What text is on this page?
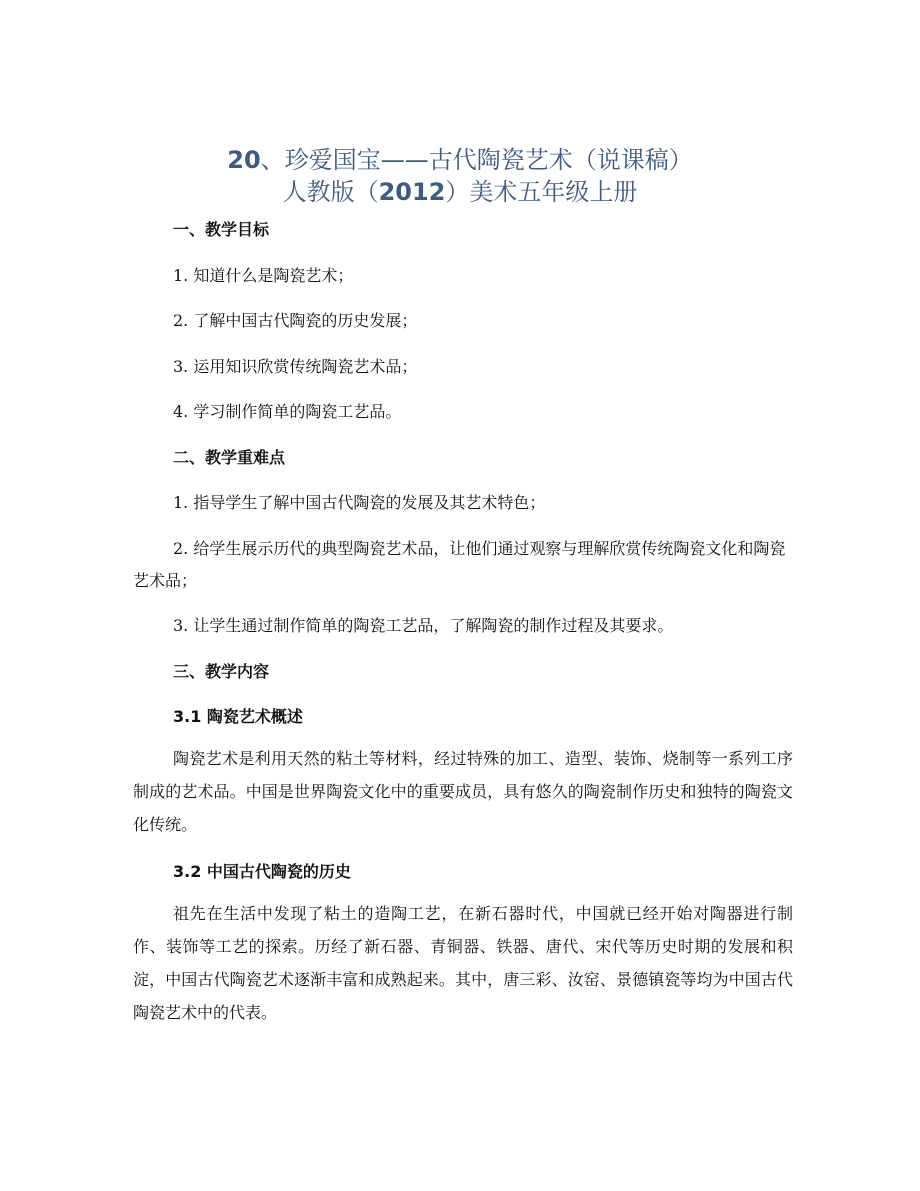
20、珍爱国宝——古代陶瓷艺术（说课稿）
人教版（2012）美术五年级上册
一、教学目标
1. 知道什么是陶瓷艺术；
2. 了解中国古代陶瓷的历史发展；
3. 运用知识欣赏传统陶瓷艺术品；
4. 学习制作简单的陶瓷工艺品。
二、教学重难点
1. 指导学生了解中国古代陶瓷的发展及其艺术特色；
2. 给学生展示历代的典型陶瓷艺术品，让他们通过观察与理解欣赏传统陶瓷文化和陶瓷艺术品；
3. 让学生通过制作简单的陶瓷工艺品，了解陶瓷的制作过程及其要求。
三、教学内容
3.1 陶瓷艺术概述
陶瓷艺术是利用天然的粘土等材料，经过特殊的加工、造型、装饰、烧制等一系列工序制成的艺术品。中国是世界陶瓷文化中的重要成员，具有悠久的陶瓷制作历史和独特的陶瓷文化传统。
3.2 中国古代陶瓷的历史
祖先在生活中发现了粘土的造陶工艺，在新石器时代，中国就已经开始对陶器进行制作、装饰等工艺的探索。历经了新石器、青铜器、铁器、唐代、宋代等历史时期的发展和积淀，中国古代陶瓷艺术逐渐丰富和成熟起来。其中，唐三彩、汝窑、景德镇瓷等均为中国古代陶瓷艺术中的代表。
